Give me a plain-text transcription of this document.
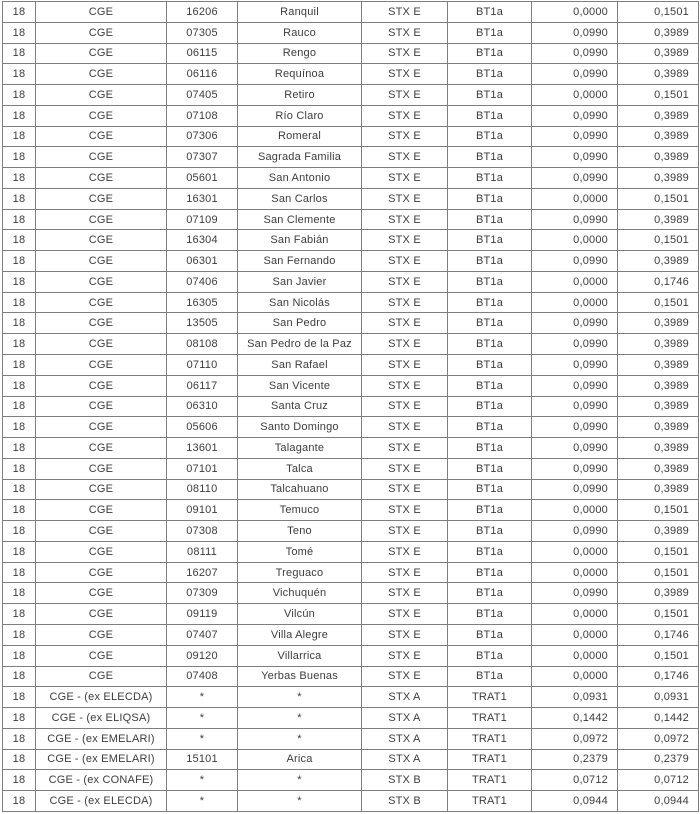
18	CGE	16206	Ranquil	STX E	BT1a	0,0000	0,1501
18	CGE	07305	Rauco	STX E	BT1a	0,0990	0,3989
18	CGE	06115	Rengo	STX E	BT1a	0,0990	0,3989
18	CGE	06116	Requínoa	STX E	BT1a	0,0990	0,3989
18	CGE	07405	Retiro	STX E	BT1a	0,0000	0,1501
18	CGE	07108	Río Claro	STX E	BT1a	0,0990	0,3989
18	CGE	07306	Romeral	STX E	BT1a	0,0990	0,3989
18	CGE	07307	Sagrada Familia	STX E	BT1a	0,0990	0,3989
18	CGE	05601	San Antonio	STX E	BT1a	0,0990	0,3989
18	CGE	16301	San Carlos	STX E	BT1a	0,0000	0,1501
18	CGE	07109	San Clemente	STX E	BT1a	0,0990	0,3989
18	CGE	16304	San Fabián	STX E	BT1a	0,0000	0,1501
18	CGE	06301	San Fernando	STX E	BT1a	0,0990	0,3989
18	CGE	07406	San Javier	STX E	BT1a	0,0000	0,1746
18	CGE	16305	San Nicolás	STX E	BT1a	0,0000	0,1501
18	CGE	13505	San Pedro	STX E	BT1a	0,0990	0,3989
18	CGE	08108	San Pedro de la Paz	STX E	BT1a	0,0990	0,3989
18	CGE	07110	San Rafael	STX E	BT1a	0,0990	0,3989
18	CGE	06117	San Vicente	STX E	BT1a	0,0990	0,3989
18	CGE	06310	Santa Cruz	STX E	BT1a	0,0990	0,3989
18	CGE	05606	Santo Domingo	STX E	BT1a	0,0990	0,3989
18	CGE	13601	Talagante	STX E	BT1a	0,0990	0,3989
18	CGE	07101	Talca	STX E	BT1a	0,0990	0,3989
18	CGE	08110	Talcahuano	STX E	BT1a	0,0990	0,3989
18	CGE	09101	Temuco	STX E	BT1a	0,0000	0,1501
18	CGE	07308	Teno	STX E	BT1a	0,0990	0,3989
18	CGE	08111	Tomé	STX E	BT1a	0,0000	0,1501
18	CGE	16207	Treguaco	STX E	BT1a	0,0000	0,1501
18	CGE	07309	Vichuquén	STX E	BT1a	0,0990	0,3989
18	CGE	09119	Vilcún	STX E	BT1a	0,0000	0,1501
18	CGE	07407	Villa Alegre	STX E	BT1a	0,0000	0,1746
18	CGE	09120	Villarrica	STX E	BT1a	0,0000	0,1501
18	CGE	07408	Yerbas Buenas	STX E	BT1a	0,0000	0,1746
18	CGE - (ex ELECDA)	*	*	STX A	TRAT1	0,0931	0,0931
18	CGE - (ex ELIQSA)	*	*	STX A	TRAT1	0,1442	0,1442
18	CGE - (ex EMELARI)	*	*	STX A	TRAT1	0,0972	0,0972
18	CGE - (ex EMELARI)	15101	Arica	STX A	TRAT1	0,2379	0,2379
18	CGE - (ex CONAFE)	*	*	STX B	TRAT1	0,0712	0,0712
18	CGE - (ex ELECDA)	*	*	STX B	TRAT1	0,0944	0,0944
